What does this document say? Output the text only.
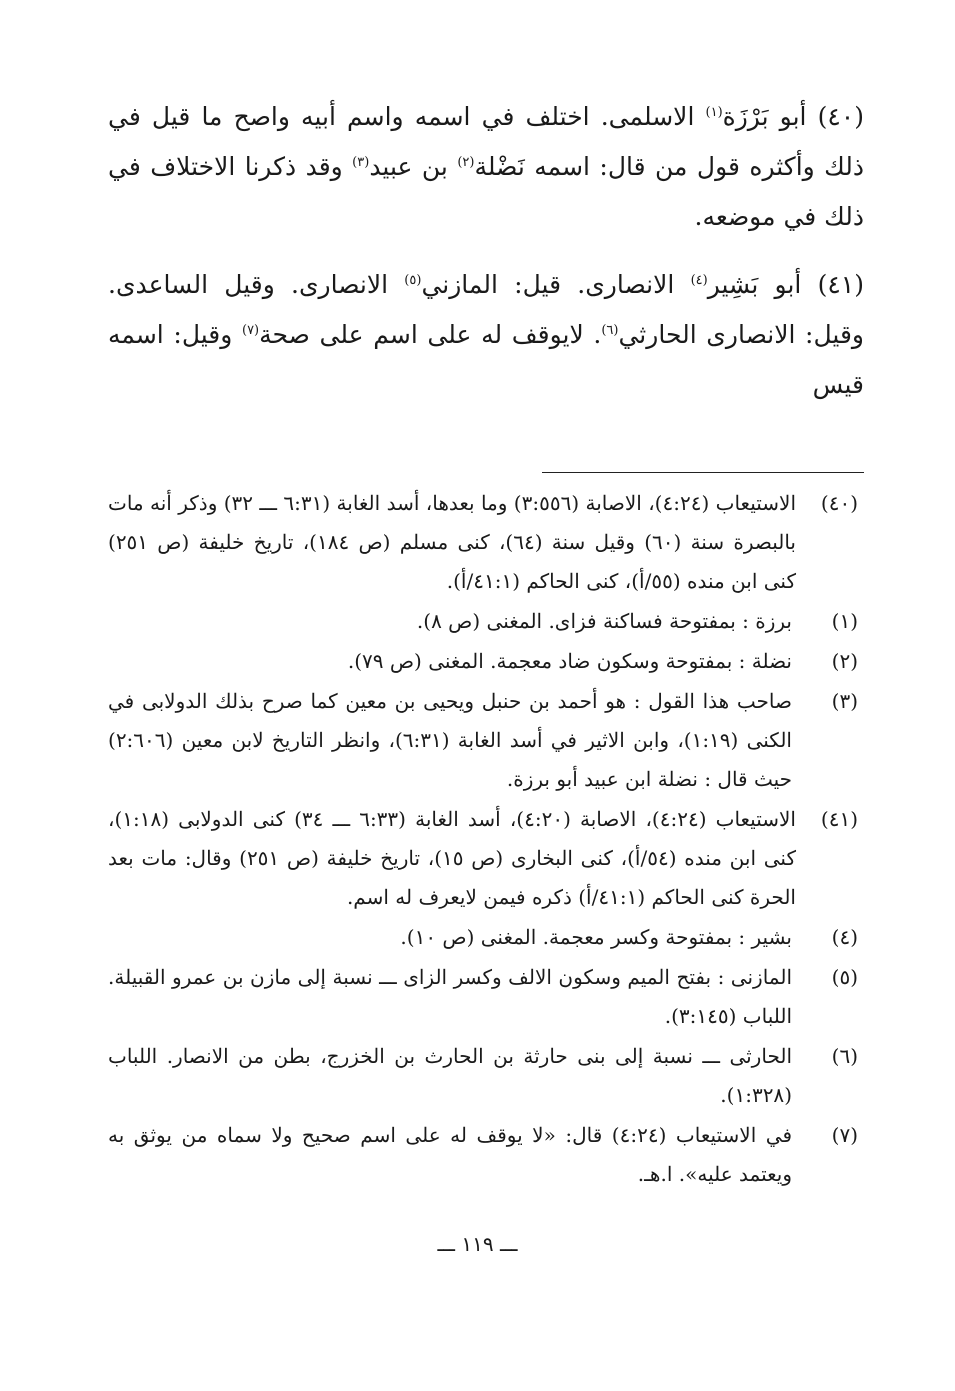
(٤٠) أبو بَرْزَة$^{(١)}$ الاسلمى. اختلف في اسمه واسم أبيه واصح ما قيل في ذلك وأكثره قول من قال: اسمه نَضْلة$^{(٢)}$ بن عبيد$^{(٣)}$ وقد ذكرنا الاختلاف في ذلك في موضعه.

(٤١) أبو بَشِير$^{(٤)}$ الانصارى. قيل: المازني$^{(٥)}$ الانصارى. وقيل الساعدى. وقيل: الانصارى الحارثي$^{(٦)}$. لايوقف له على اسم على صحة$^{(٧)}$ وقيل: اسمه قيس

(٤٠)
الاستيعاب (٤:٢٤)، الاصابة (٣:٥٥٦) وما بعدها، أسد الغابة (٦:٣١ ـــ ٣٢) وذكر أنه مات بالبصرة سنة (٦٠) وقيل سنة (٦٤)، كنى مسلم (ص ١٨٤)، تاريخ خليفة (ص ٢٥١) كنى ابن منده (٥٥/أ)، كنى الحاكم (٤١:١/أ).
(١)
برزة : بمفتوحة فساكنة فزاى. المغنى (ص ٨).
(٢)
نضلة : بمفتوحة وسكون ضاد معجمة. المغنى (ص ٧٩).
(٣)
صاحب هذا القول : هو أحمد بن حنبل ويحيى بن معين كما صرح بذلك الدولابى في الكنى (١:١٩)، وابن الاثير في أسد الغابة (٦:٣١)، وانظر التاريخ لابن معين (٢:٦٠٦) حيث قال : نضلة ابن عبيد أبو برزة.
(٤١)
الاستيعاب (٤:٢٤)، الاصابة (٤:٢٠)، أسد الغابة (٦:٣٣ ـــ ٣٤) كنى الدولابى (١:١٨)، كنى ابن منده (٥٤/أ)، كنى البخارى (ص ١٥)، تاريخ خليفة (ص ٢٥١) وقال: مات بعد الحرة كنى الحاكم (٤١:١/أ) ذكره فيمن لايعرف له اسم.
(٤)
بشير : بمفتوحة وكسر معجمة. المغنى (ص ١٠).
(٥)
المازنى : بفتح الميم وسكون الالف وكسر الزاى ـــ نسبة إلى مازن بن عمرو القبيلة. اللباب (٣:١٤٥).
(٦)
الحارثى ـــ نسبة إلى بنى حارثة بن الحارث بن الخزرج، بطن من الانصار. اللباب (١:٣٢٨).
(٧)
في الاستيعاب (٤:٢٤) قال: «لا يوقف له على اسم صحيح ولا سماه من يوثق به ويعتمد عليه». ا.هـ.
ـــ ١١٩ ـــ
